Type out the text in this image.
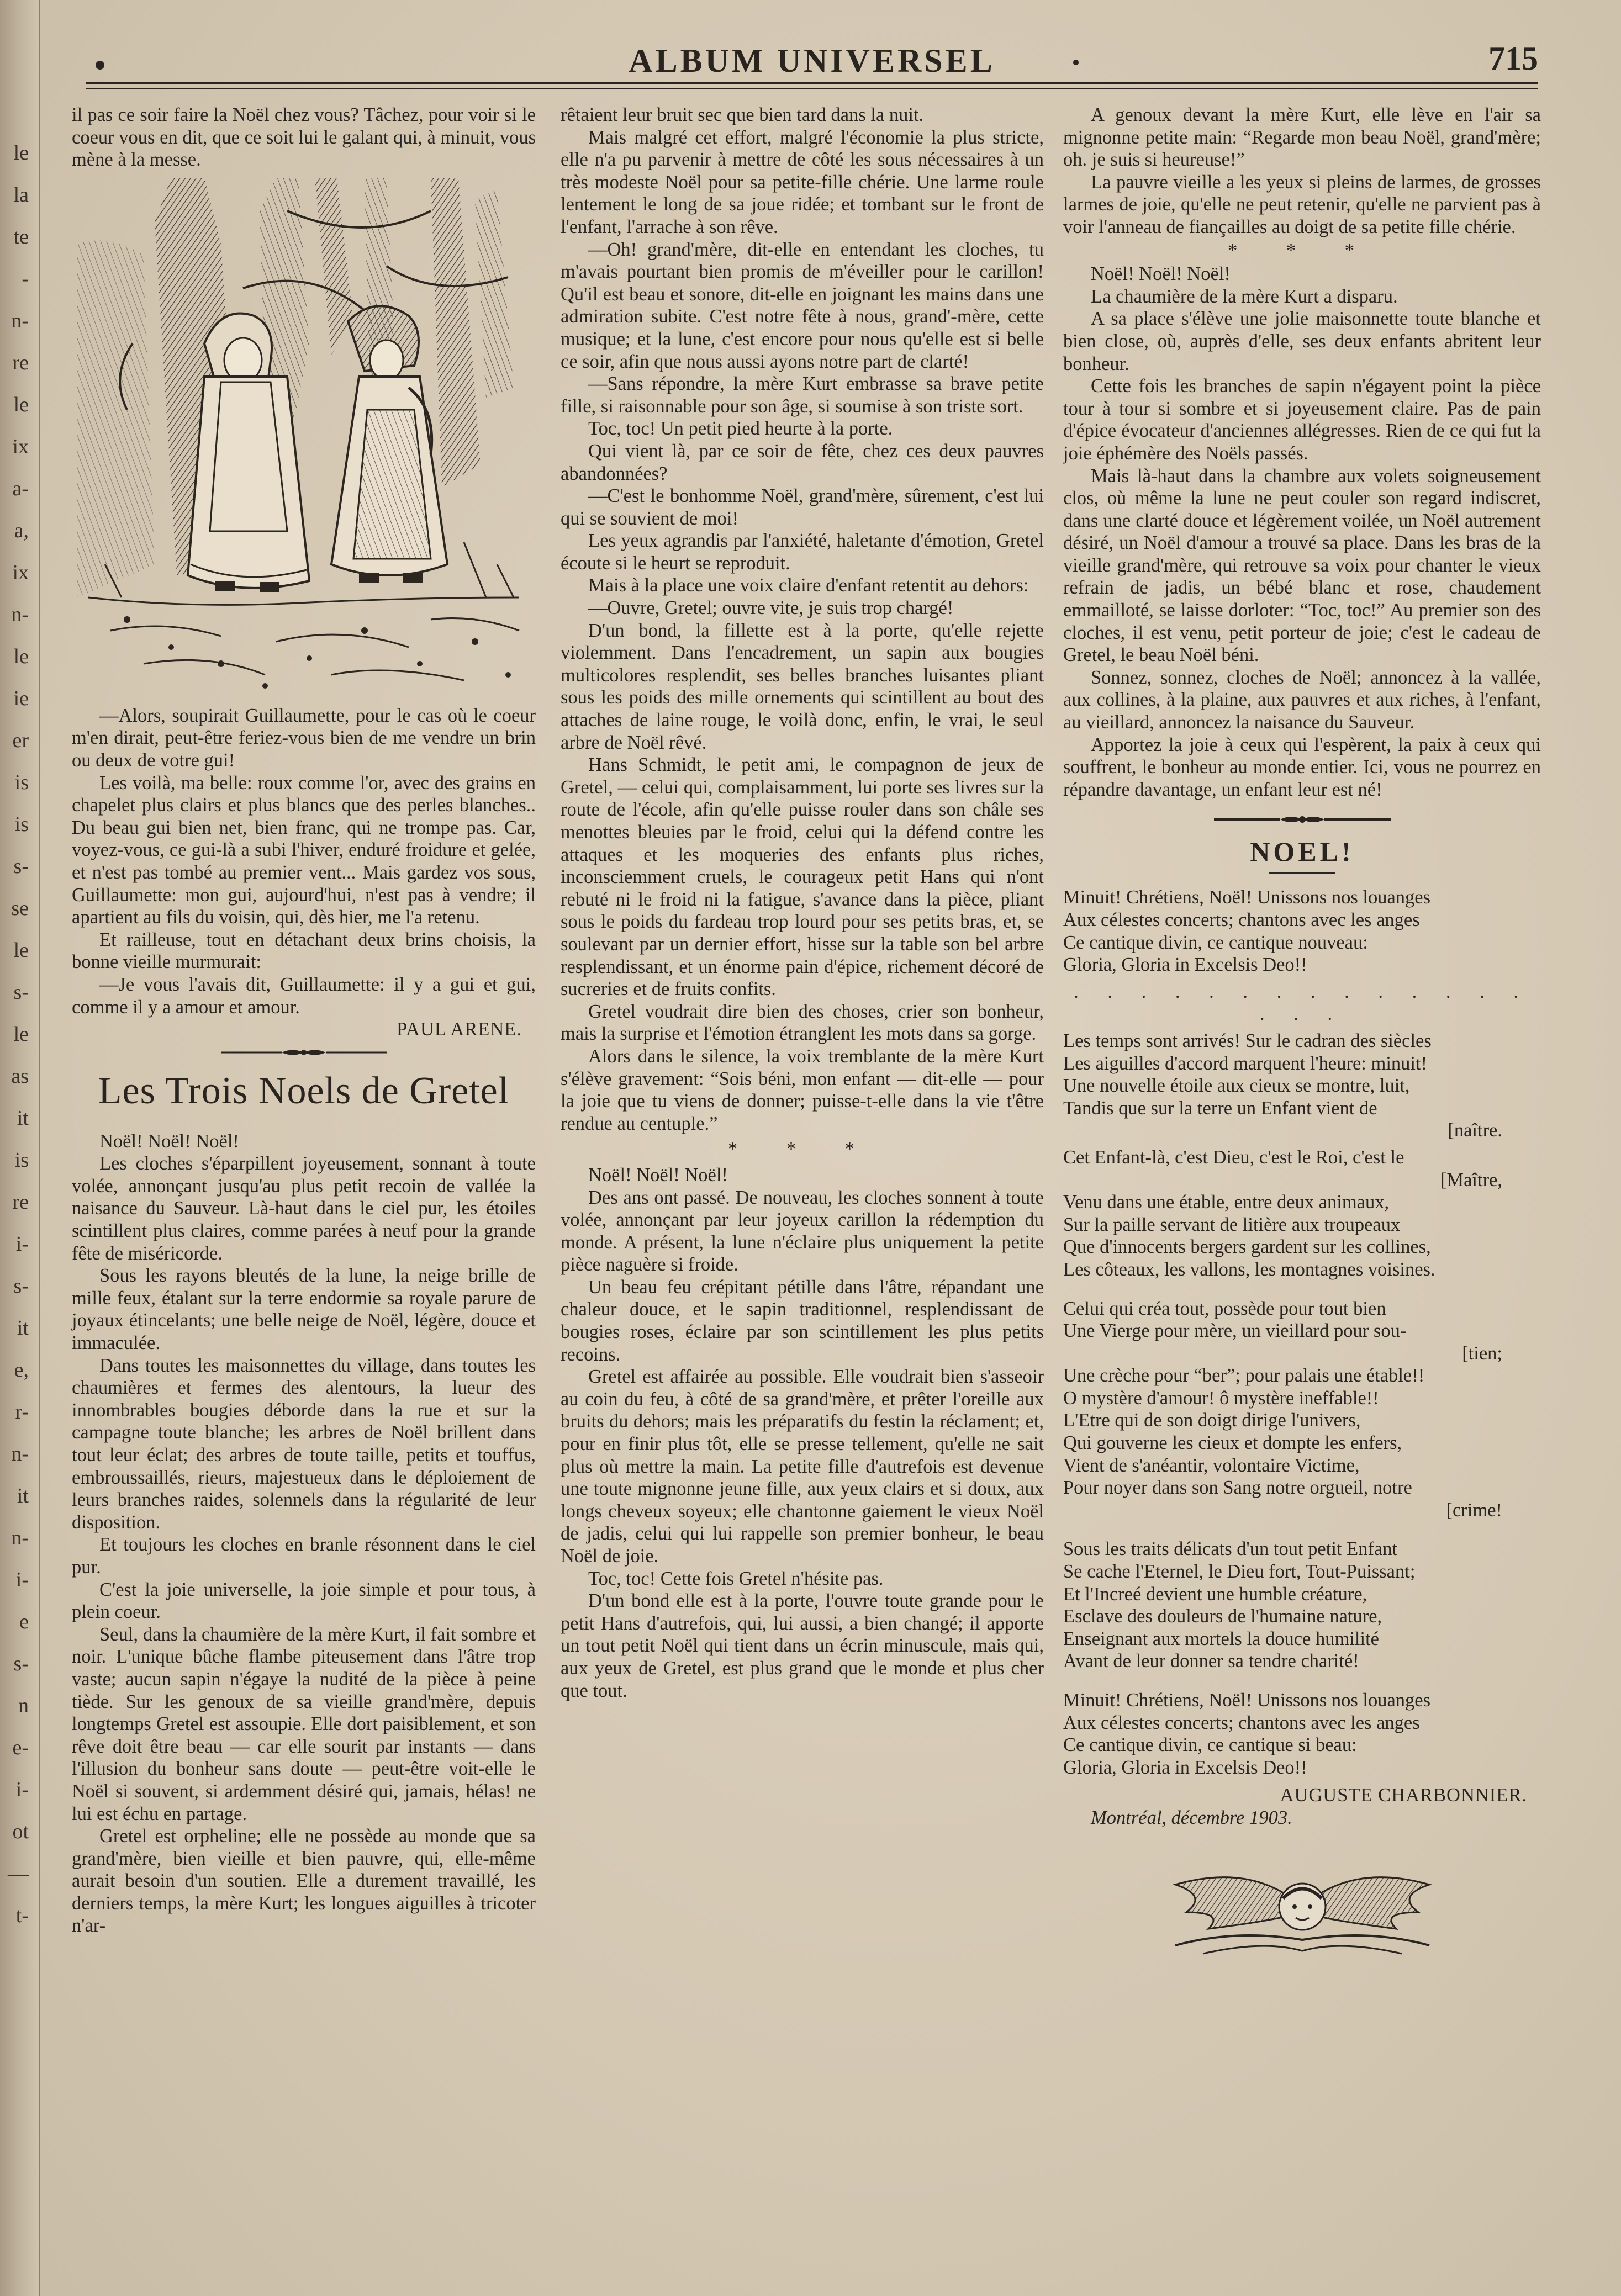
le
la
te
-
n-
re
le
ix
a-
a,
ix
n-
le
ie
er
is
is
s-
se
le
s-
le
as
it
is
re
i-
s-
it
e,
r-
n-
it
n-
i-
e
s-
n
e-
i-
ot
—
t-
ALBUM UNIVERSEL	715

il pas ce soir faire la Noël chez vous? Tâchez, pour voir si le coeur vous en dit, que ce soit lui le galant qui, à minuit, vous mène à la messe.

—Alors, soupirait Guillaumette, pour le cas où le coeur m'en dirait, peut-être feriez-vous bien de me vendre un brin ou deux de votre gui!

Les voilà, ma belle: roux comme l'or, avec des grains en chapelet plus clairs et plus blancs que des perles blanches.. Du beau gui bien net, bien franc, qui ne trompe pas. Car, voyez-vous, ce gui-là a subi l'hiver, enduré froidure et gelée, et n'est pas tombé au premier vent... Mais gardez vos sous, Guillaumette: mon gui, aujourd'hui, n'est pas à vendre; il apartient au fils du voisin, qui, dès hier, me l'a retenu.

Et railleuse, tout en détachant deux brins choisis, la bonne vieille murmurait:

—Je vous l'avais dit, Guillaumette: il y a gui et gui, comme il y a amour et amour.

PAUL ARENE.

Les Trois Noels de Gretel

Noël! Noël! Noël!

Les cloches s'éparpillent joyeusement, sonnant à toute volée, annonçant jusqu'au plus petit recoin de vallée la naisance du Sauveur. Là-haut dans le ciel pur, les étoiles scintillent plus claires, comme parées à neuf pour la grande fête de miséricorde.

Sous les rayons bleutés de la lune, la neige brille de mille feux, étalant sur la terre endormie sa royale parure de joyaux étincelants; une belle neige de Noël, légère, douce et immaculée.

Dans toutes les maisonnettes du village, dans toutes les chaumières et fermes des alentours, la lueur des innombrables bougies déborde dans la rue et sur la campagne toute blanche; les arbres de Noël brillent dans tout leur éclat; des arbres de toute taille, petits et touffus, embroussaillés, rieurs, majestueux dans le déploiement de leurs branches raides, solennels dans la régularité de leur disposition.

Et toujours les cloches en branle résonnent dans le ciel pur.

C'est la joie universelle, la joie simple et pour tous, à plein coeur.

Seul, dans la chaumière de la mère Kurt, il fait sombre et noir. L'unique bûche flambe piteusement dans l'âtre trop vaste; aucun sapin n'égaye la nudité de la pièce à peine tiède. Sur les genoux de sa vieille grand'mère, depuis longtemps Gretel est assoupie. Elle dort paisiblement, et son rêve doit être beau — car elle sourit par instants — dans l'illusion du bonheur sans doute — peut-être voit-elle le Noël si souvent, si ardemment désiré qui, jamais, hélas! ne lui est échu en partage.

Gretel est orpheline; elle ne possède au monde que sa grand'mère, bien vieille et bien pauvre, qui, elle-même aurait besoin d'un soutien. Elle a durement travaillé, les derniers temps, la mère Kurt; les longues aiguilles à tricoter n'ar-

rêtaient leur bruit sec que bien tard dans la nuit.

Mais malgré cet effort, malgré l'économie la plus stricte, elle n'a pu parvenir à mettre de côté les sous nécessaires à un très modeste Noël pour sa petite-fille chérie. Une larme roule lentement le long de sa joue ridée; et tombant sur le front de l'enfant, l'arrache à son rêve.

—Oh! grand'mère, dit-elle en entendant les cloches, tu m'avais pourtant bien promis de m'éveiller pour le carillon! Qu'il est beau et sonore, dit-elle en joignant les mains dans une admiration subite. C'est notre fête à nous, grand'-mère, cette musique; et la lune, c'est encore pour nous qu'elle est si belle ce soir, afin que nous aussi ayons notre part de clarté!

—Sans répondre, la mère Kurt embrasse sa brave petite fille, si raisonnable pour son âge, si soumise à son triste sort.

Toc, toc! Un petit pied heurte à la porte.

Qui vient là, par ce soir de fête, chez ces deux pauvres abandonnées?

—C'est le bonhomme Noël, grand'mère, sûrement, c'est lui qui se souvient de moi!

Les yeux agrandis par l'anxiété, haletante d'émotion, Gretel écoute si le heurt se reproduit.

Mais à la place une voix claire d'enfant retentit au dehors:

—Ouvre, Gretel; ouvre vite, je suis trop chargé!

D'un bond, la fillette est à la porte, qu'elle rejette violemment. Dans l'encadrement, un sapin aux bougies multicolores resplendit, ses belles branches luisantes pliant sous les poids des mille ornements qui scintillent au bout des attaches de laine rouge, le voilà donc, enfin, le vrai, le seul arbre de Noël rêvé.

Hans Schmidt, le petit ami, le compagnon de jeux de Gretel, — celui qui, complaisamment, lui porte ses livres sur la route de l'école, afin qu'elle puisse rouler dans son châle ses menottes bleuies par le froid, celui qui la défend contre les attaques et les moqueries des enfants plus riches, inconsciemment cruels, le courageux petit Hans qui n'ont rebuté ni le froid ni la fatigue, s'avance dans la pièce, pliant sous le poids du fardeau trop lourd pour ses petits bras, et, se soulevant par un dernier effort, hisse sur la table son bel arbre resplendissant, et un énorme pain d'épice, richement décoré de sucreries et de fruits confits.

Gretel voudrait dire bien des choses, crier son bonheur, mais la surprise et l'émotion étranglent les mots dans sa gorge.

Alors dans le silence, la voix tremblante de la mère Kurt s'élève gravement: “Sois béni, mon enfant — dit-elle — pour la joie que tu viens de donner; puisse-t-elle dans la vie t'être rendue au centuple.”

* * *

Noël! Noël! Noël!

Des ans ont passé. De nouveau, les cloches sonnent à toute volée, annonçant par leur joyeux carillon la rédemption du monde. A présent, la lune n'éclaire plus uniquement la petite pièce naguère si froide.

Un beau feu crépitant pétille dans l'âtre, répandant une chaleur douce, et le sapin traditionnel, resplendissant de bougies roses, éclaire par son scintillement les plus petits recoins.

Gretel est affairée au possible. Elle voudrait bien s'asseoir au coin du feu, à côté de sa grand'mère, et prêter l'oreille aux bruits du dehors; mais les préparatifs du festin la réclament; et, pour en finir plus tôt, elle se presse tellement, qu'elle ne sait plus où mettre la main. La petite fille d'autrefois est devenue une toute mignonne jeune fille, aux yeux clairs et si doux, aux longs cheveux soyeux; elle chantonne gaiement le vieux Noël de jadis, celui qui lui rappelle son premier bonheur, le beau Noël de joie.

Toc, toc! Cette fois Gretel n'hésite pas.

D'un bond elle est à la porte, l'ouvre toute grande pour le petit Hans d'autrefois, qui, lui aussi, a bien changé; il apporte un tout petit Noël qui tient dans un écrin minuscule, mais qui, aux yeux de Gretel, est plus grand que le monde et plus cher que tout.

A genoux devant la mère Kurt, elle lève en l'air sa mignonne petite main: “Regarde mon beau Noël, grand'mère; oh. je suis si heureuse!”

La pauvre vieille a les yeux si pleins de larmes, de grosses larmes de joie, qu'elle ne peut retenir, qu'elle ne parvient pas à voir l'anneau de fiançailles au doigt de sa petite fille chérie.

* * *

Noël! Noël! Noël!

La chaumière de la mère Kurt a disparu.

A sa place s'élève une jolie maisonnette toute blanche et bien close, où, auprès d'elle, ses deux enfants abritent leur bonheur.

Cette fois les branches de sapin n'égayent point la pièce tour à tour si sombre et si joyeusement claire. Pas de pain d'épice évocateur d'anciennes allégresses. Rien de ce qui fut la joie éphémère des Noëls passés.

Mais là-haut dans la chambre aux volets soigneusement clos, où même la lune ne peut couler son regard indiscret, dans une clarté douce et légèrement voilée, un Noël autrement désiré, un Noël d'amour a trouvé sa place. Dans les bras de la vieille grand'mère, qui retrouve sa voix pour chanter le vieux refrain de jadis, un bébé blanc et rose, chaudement emmailloté, se laisse dorloter: “Toc, toc!” Au premier son des cloches, il est venu, petit porteur de joie; c'est le cadeau de Gretel, le beau Noël béni.

Sonnez, sonnez, cloches de Noël; annoncez à la vallée, aux collines, à la plaine, aux pauvres et aux riches, à l'enfant, au vieillard, annoncez la naisance du Sauveur.

Apportez la joie à ceux qui l'espèrent, la paix à ceux qui souffrent, le bonheur au monde entier. Ici, vous ne pourrez en répandre davantage, un enfant leur est né!

NOEL!

Minuit! Chrétiens, Noël! Unissons nos louanges

Aux célestes concerts; chantons avec les anges

Ce cantique divin, ce cantique nouveau:

Gloria, Gloria in Excelsis Deo!!

. . . . . . . . . . . . . . . . .

Les temps sont arrivés! Sur le cadran des siècles

Les aiguilles d'accord marquent l'heure: minuit!

Une nouvelle étoile aux cieux se montre, luit,

Tandis que sur la terre un Enfant vient de

[naître.

Cet Enfant-là, c'est Dieu, c'est le Roi, c'est le

[Maître,

Venu dans une étable, entre deux animaux,

Sur la paille servant de litière aux troupeaux

Que d'innocents bergers gardent sur les collines,

Les côteaux, les vallons, les montagnes voisines.

Celui qui créa tout, possède pour tout bien

Une Vierge pour mère, un vieillard pour sou-

[tien;

Une crèche pour “ber”; pour palais une étable!!

O mystère d'amour! ô mystère ineffable!!

L'Etre qui de son doigt dirige l'univers,

Qui gouverne les cieux et dompte les enfers,

Vient de s'anéantir, volontaire Victime,

Pour noyer dans son Sang notre orgueil, notre

[crime!

Sous les traits délicats d'un tout petit Enfant

Se cache l'Eternel, le Dieu fort, Tout-Puissant;

Et l'Increé devient une humble créature,

Esclave des douleurs de l'humaine nature,

Enseignant aux mortels la douce humilité

Avant de leur donner sa tendre charité!

Minuit! Chrétiens, Noël! Unissons nos louanges

Aux célestes concerts; chantons avec les anges

Ce cantique divin, ce cantique si beau:

Gloria, Gloria in Excelsis Deo!!

AUGUSTE CHARBONNIER.

Montréal, décembre 1903.
